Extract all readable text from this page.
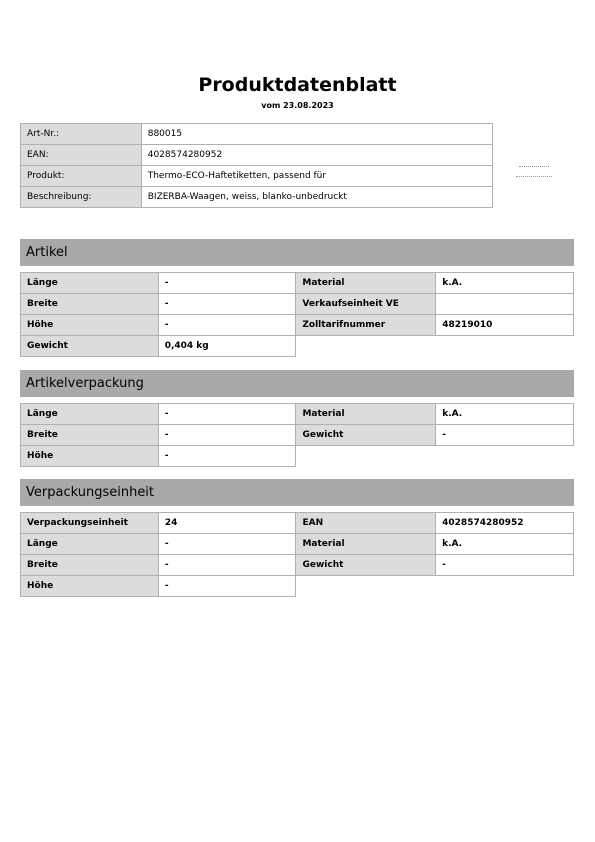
Produktdatenblatt
vom 23.08.2023
Art-Nr.:	880015
EAN:	4028574280952
Produkt:	Thermo-ECO-Haftetiketten, passend für
Beschreibung:	BIZERBA-Waagen, weiss, blanko-unbedruckt
Artikel
Länge	-	Material	k.A.
Breite	-	Verkaufseinheit VE	
Höhe	-	Zolltarifnummer	48219010
Gewicht	0,404 kg		
Artikelverpackung
Länge	-	Material	k.A.
Breite	-	Gewicht	-
Höhe	-		
Verpackungseinheit
Verpackungseinheit	24	EAN	4028574280952
Länge	-	Material	k.A.
Breite	-	Gewicht	-
Höhe	-		
